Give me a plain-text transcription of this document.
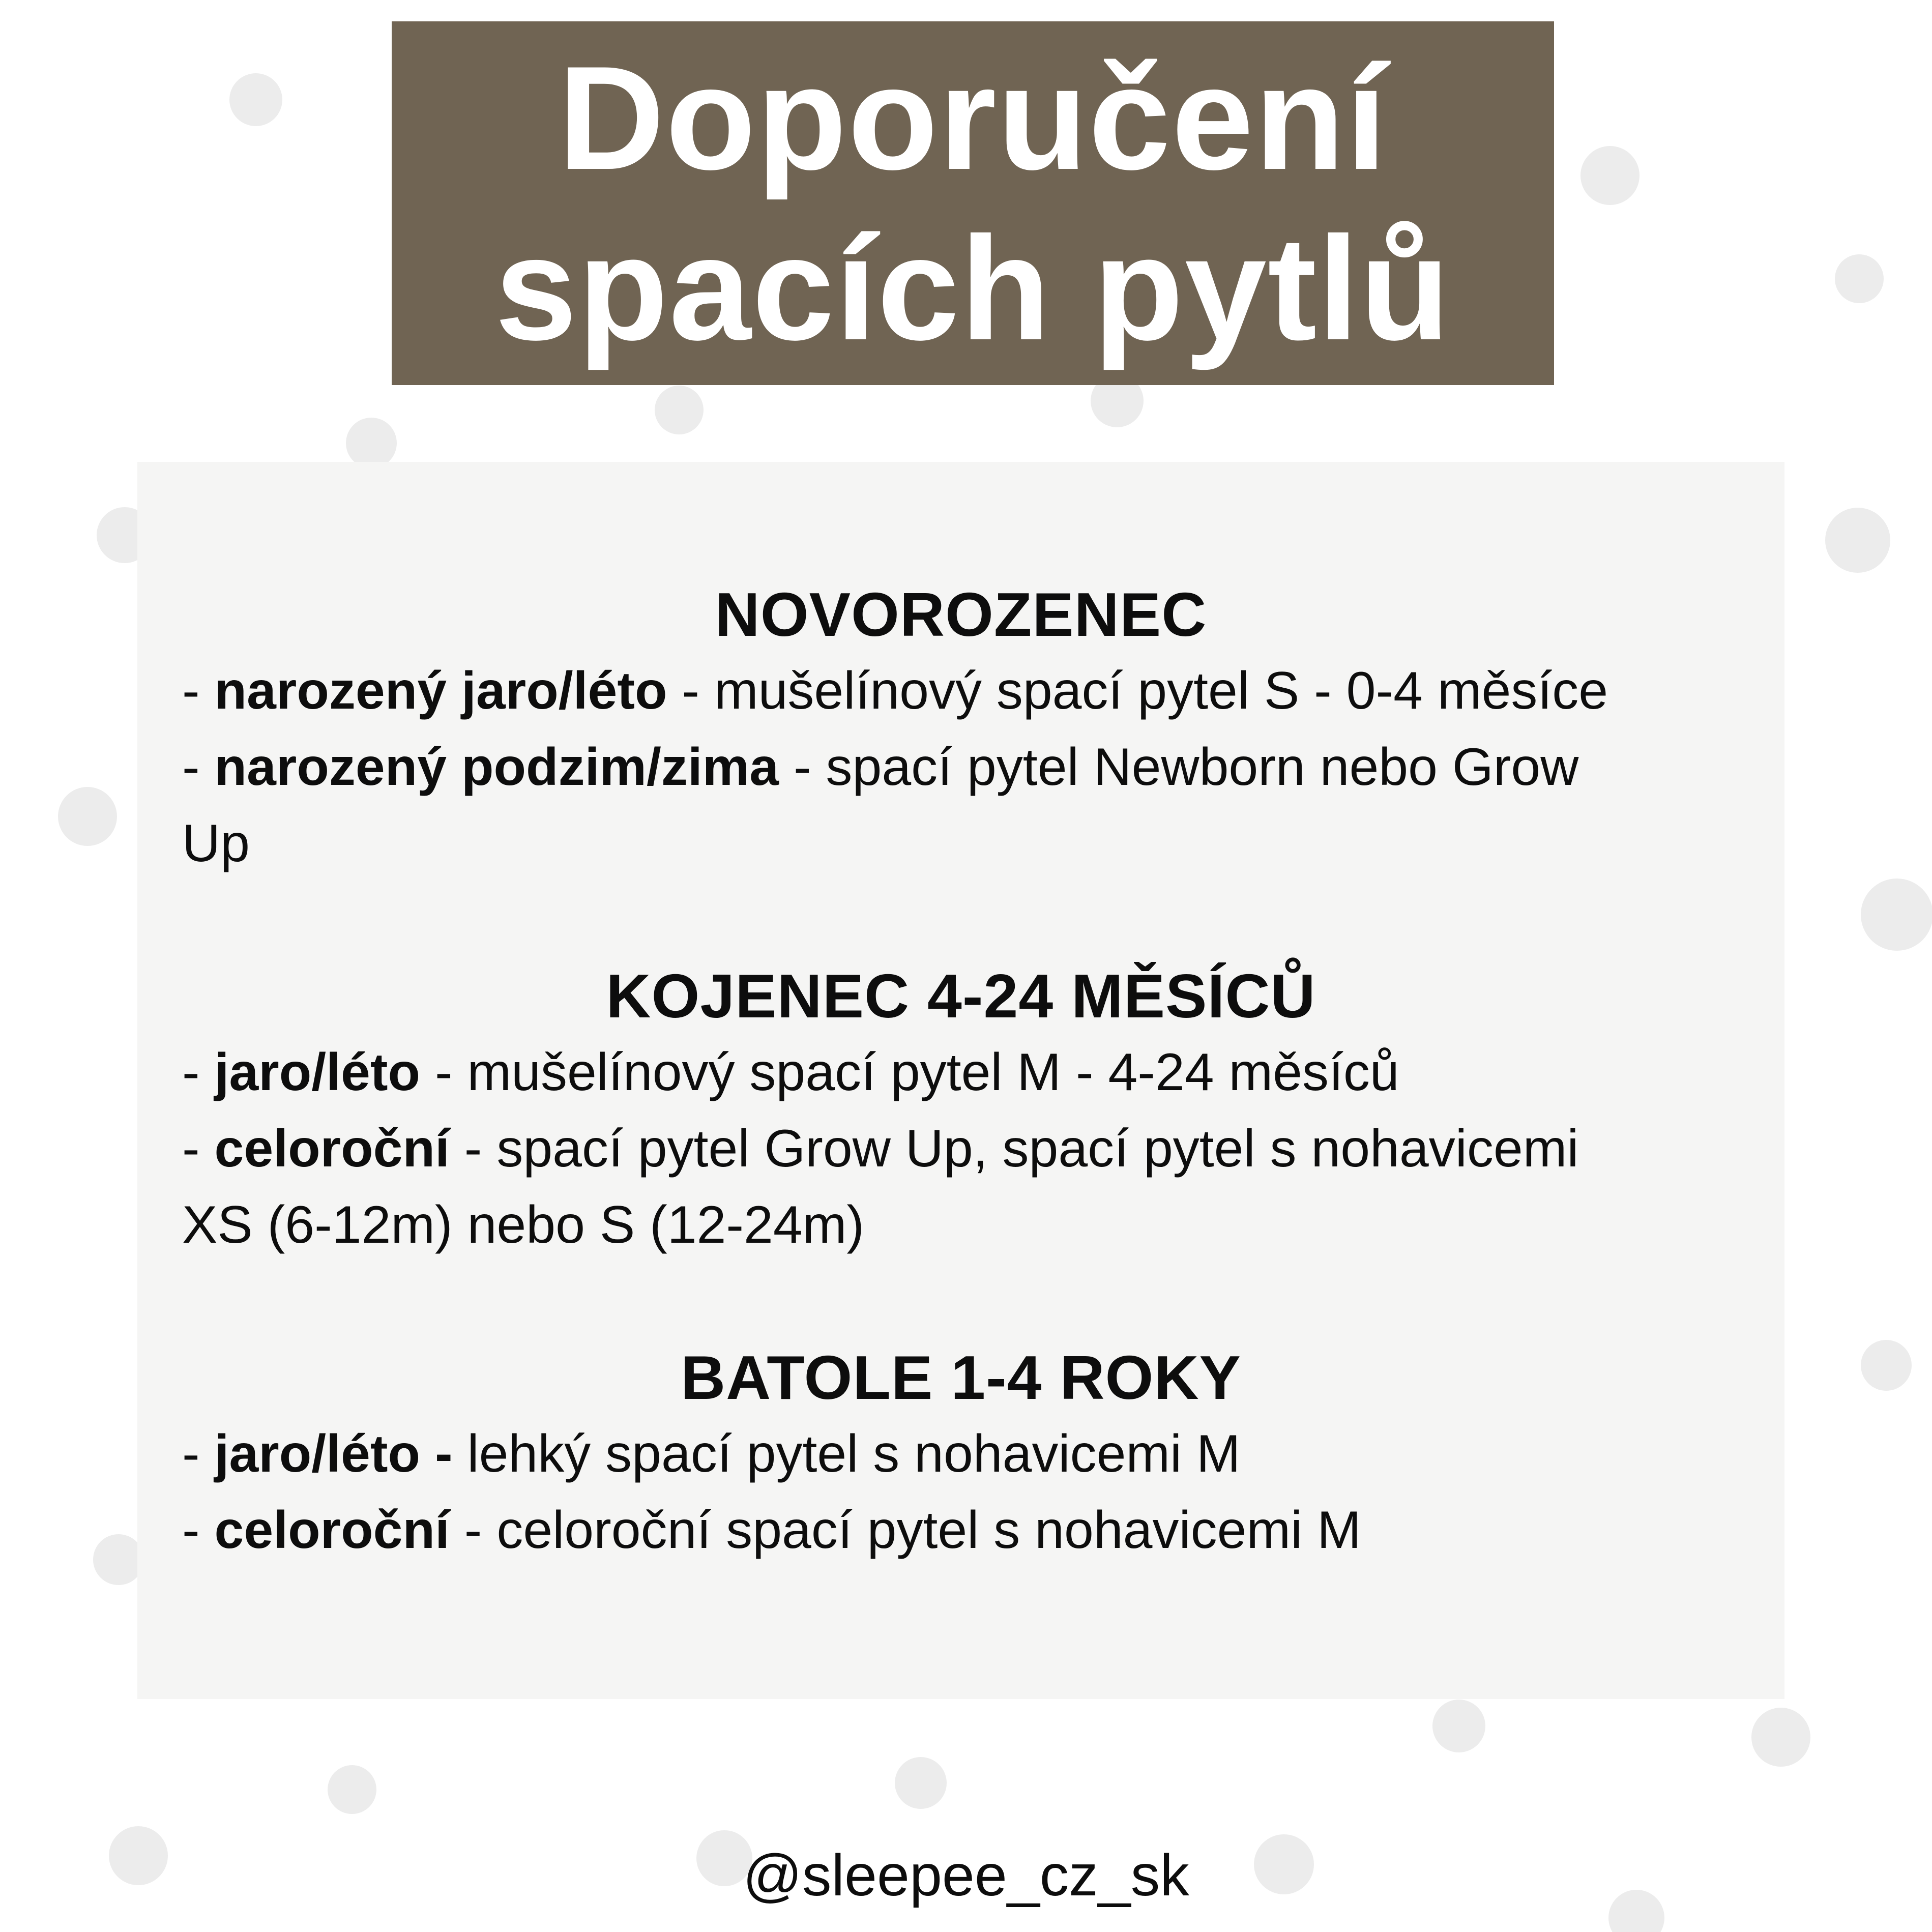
Doporučení
spacích pytlů
NOVOROZENEC
- narozený jaro/léto - mušelínový spací pytel S - 0-4 měsíce
- narozený podzim/zima - spací pytel Newborn nebo Grow
Up
KOJENEC 4-24 MĚSÍCŮ
- jaro/léto - mušelínový spací pytel M - 4-24 měsíců
- celoroční - spací pytel Grow Up, spací pytel s nohavicemi
XS (6-12m) nebo S (12-24m)
BATOLE 1-4 ROKY
- jaro/léto - lehký spací pytel s nohavicemi M
- celoroční - celoroční spací pytel s nohavicemi M
@sleepee_cz_sk
